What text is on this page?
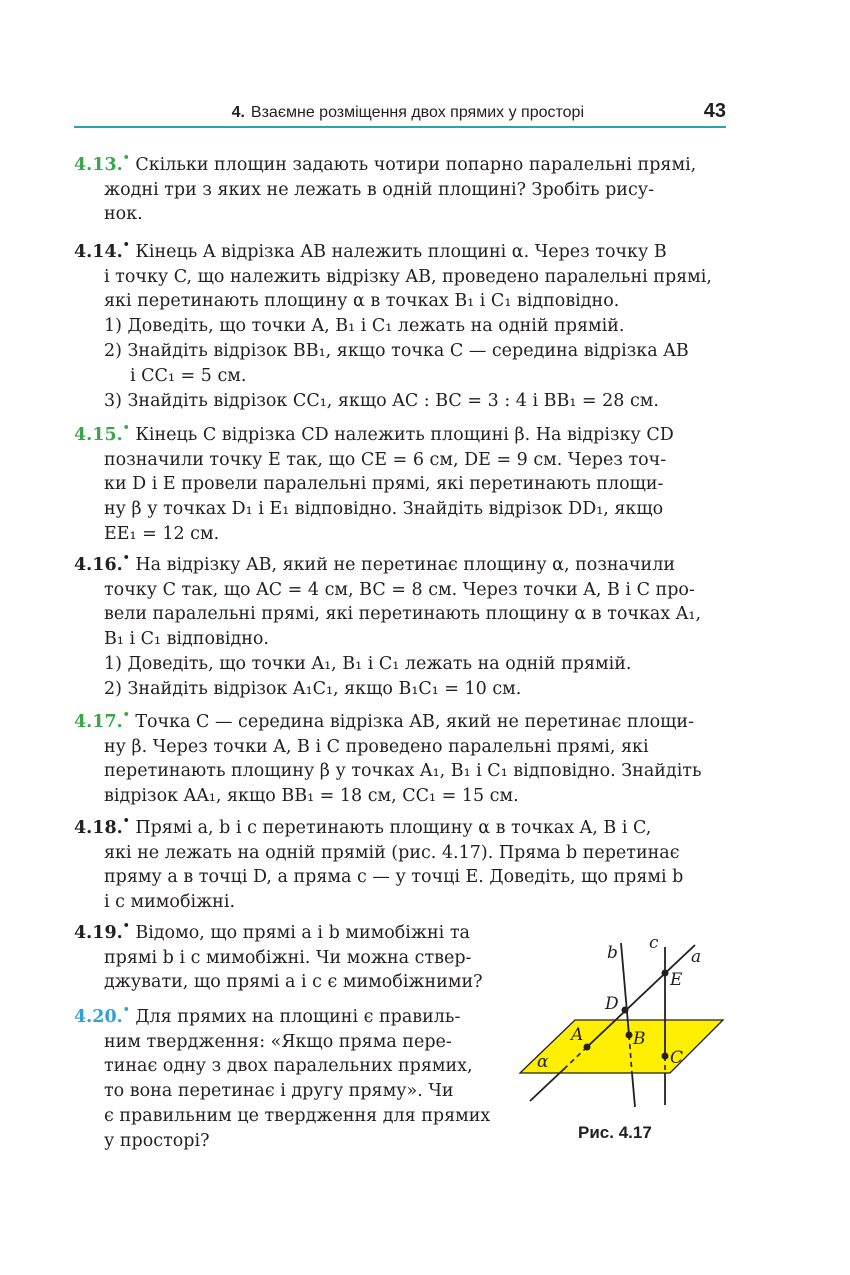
4. Взаємне розміщення двох прямих у просторі	43
4.13.• Скільки площин задають чотири попарно паралельні прямі,
жодні три з яких не лежать в одній площині? Зробіть рису-
нок.
4.14.• Кінець A відрізка AB належить площині α. Через точку B
і точку C, що належить відрізку AB, проведено паралельні прямі,
які перетинають площину α в точках B₁ і C₁ відповідно.
1) Доведіть, що точки A, B₁ і C₁ лежать на одній прямій.
2) Знайдіть відрізок BB₁, якщо точка C — середина відрізка AB
і CC₁ = 5 см.
3) Знайдіть відрізок CC₁, якщо AC : BC = 3 : 4 і BB₁ = 28 см.
4.15.• Кінець C відрізка CD належить площині β. На відрізку CD
позначили точку E так, що CE = 6 см, DE = 9 см. Через точ-
ки D і E провели паралельні прямі, які перетинають площи-
ну β у точках D₁ і E₁ відповідно. Знайдіть відрізок DD₁, якщо
EE₁ = 12 см.
4.16.• На відрізку AB, який не перетинає площину α, позначили
точку C так, що AC = 4 см, BC = 8 см. Через точки A, B і C про-
вели паралельні прямі, які перетинають площину α в точках A₁,
B₁ і C₁ відповідно.
1) Доведіть, що точки A₁, B₁ і C₁ лежать на одній прямій.
2) Знайдіть відрізок A₁C₁, якщо B₁C₁ = 10 см.
4.17.• Точка C — середина відрізка AB, який не перетинає площи-
ну β. Через точки A, B і C проведено паралельні прямі, які
перетинають площину β у точках A₁, B₁ і C₁ відповідно. Знайдіть
відрізок AA₁, якщо BB₁ = 18 см, CC₁ = 15 см.
4.18.• Прямі a, b і c перетинають площину α в точках A, B і C,
які не лежать на одній прямій (рис. 4.17). Пряма b перетинає
пряму a в точці D, а пряма c — у точці E. Доведіть, що прямі b
і c мимобіжні.
4.19.• Відомо, що прямі a і b мимобіжні та
прямі b і c мимобіжні. Чи можна ствер-
джувати, що прямі a і c є мимобіжними?
4.20.• Для прямих на площині є правиль-
ним твердження: «Якщо пряма пере-
тинає одну з двох паралельних прямих,
то вона перетинає і другу пряму». Чи
є правильним це твердження для прямих
у просторі?
b c
a
E
D
A	B
C
α
Рис. 4.17
